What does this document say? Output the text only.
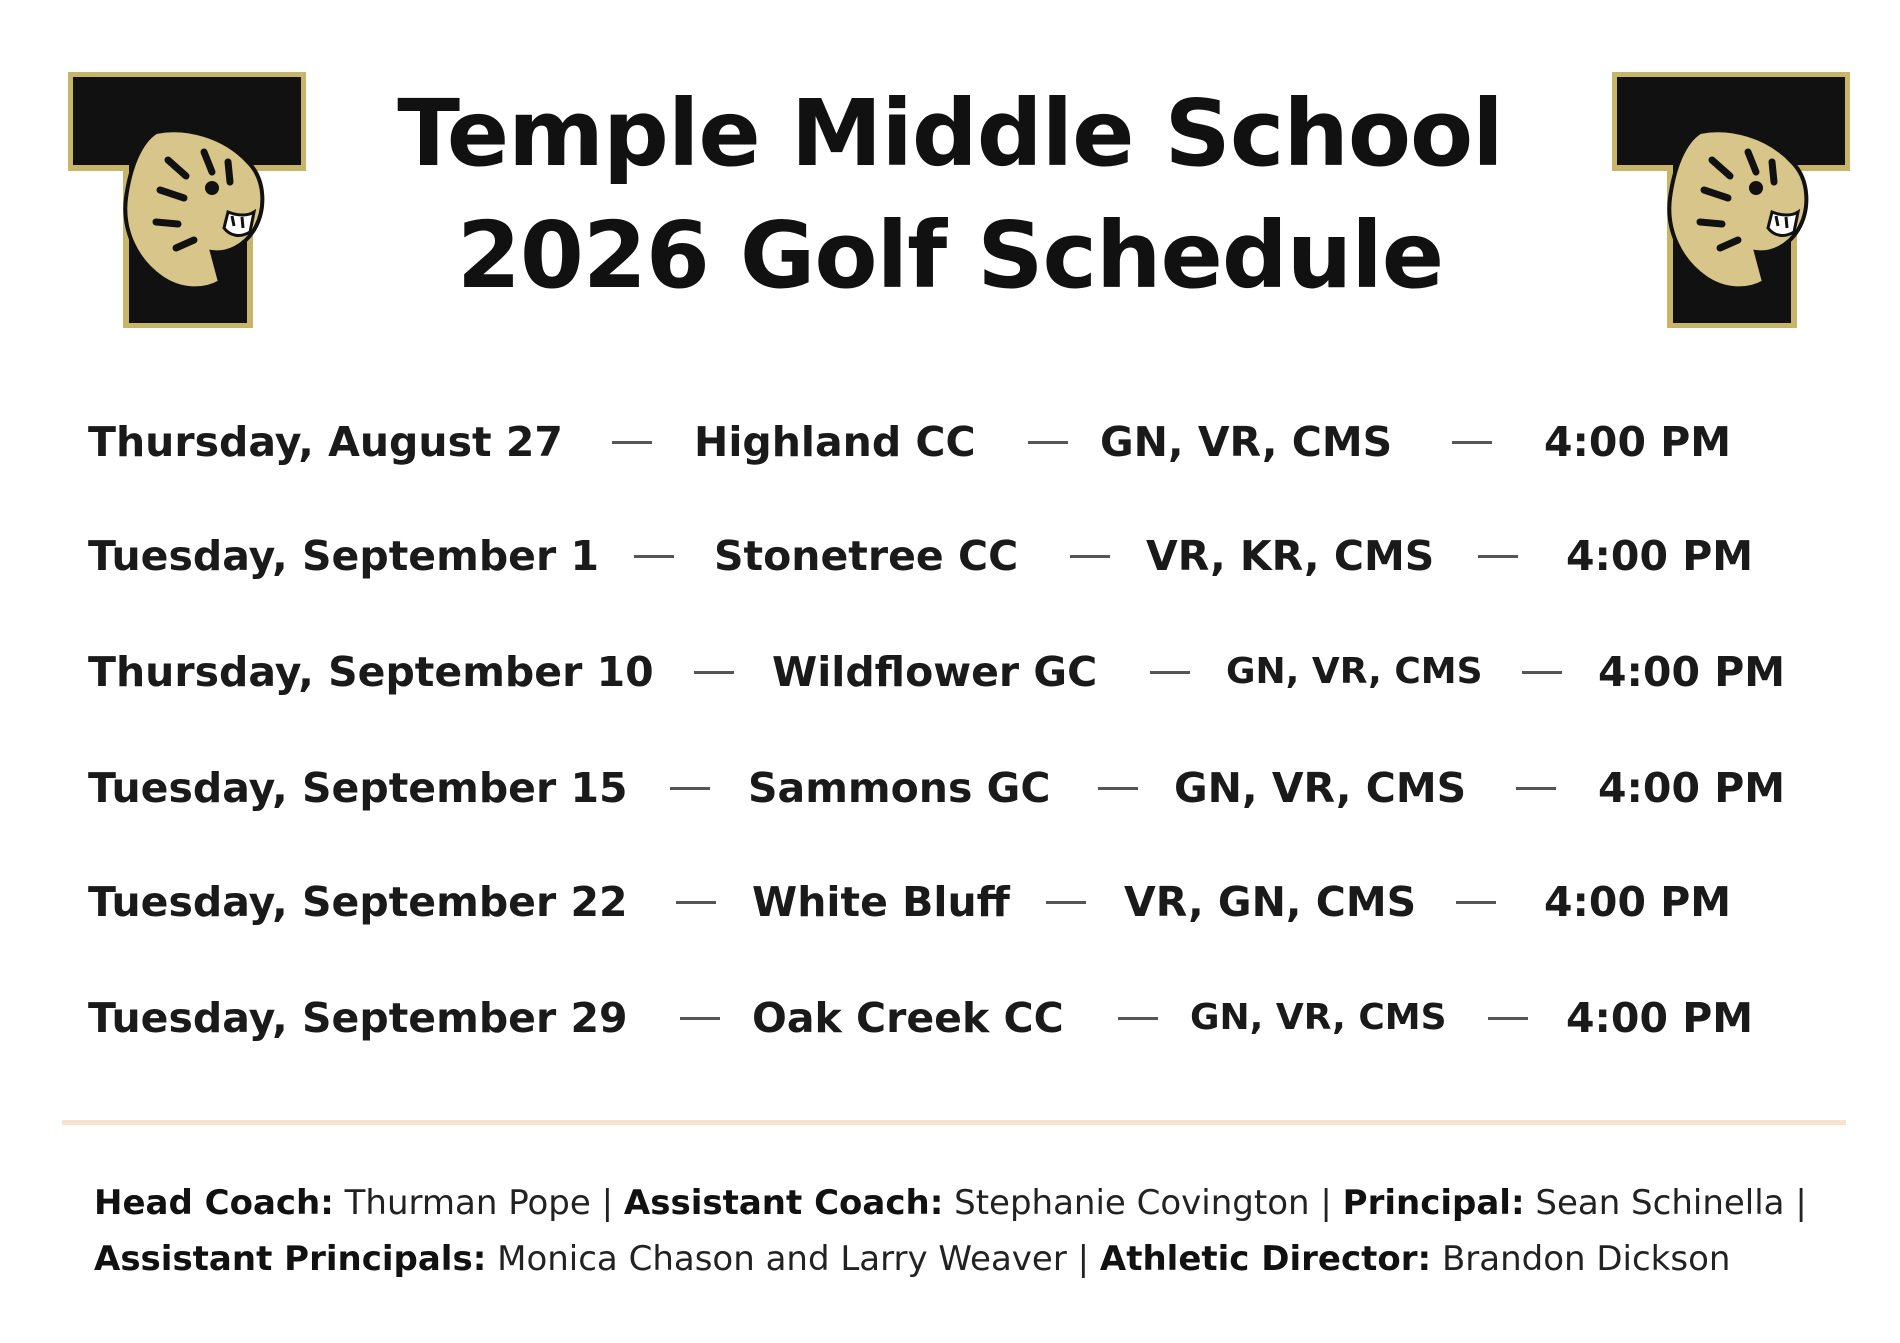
Temple Middle School
2026 Golf Schedule
Thursday, August 27	Highland CC	GN, VR, CMS	4:00 PM
Tuesday, September 1	Stonetree CC	VR, KR, CMS	4:00 PM
Thursday, September 10	Wildflower GC	GN, VR, CMS	4:00 PM
Tuesday, September 15	Sammons GC	GN, VR, CMS	4:00 PM
Tuesday, September 22	White Bluff	VR, GN, CMS	4:00 PM
Tuesday, September 29	Oak Creek CC	GN, VR, CMS	4:00 PM
Head Coach: Thurman Pope | Assistant Coach: Stephanie Covington | Principal: Sean Schinella |
Assistant Principals: Monica Chason and Larry Weaver | Athletic Director: Brandon Dickson
